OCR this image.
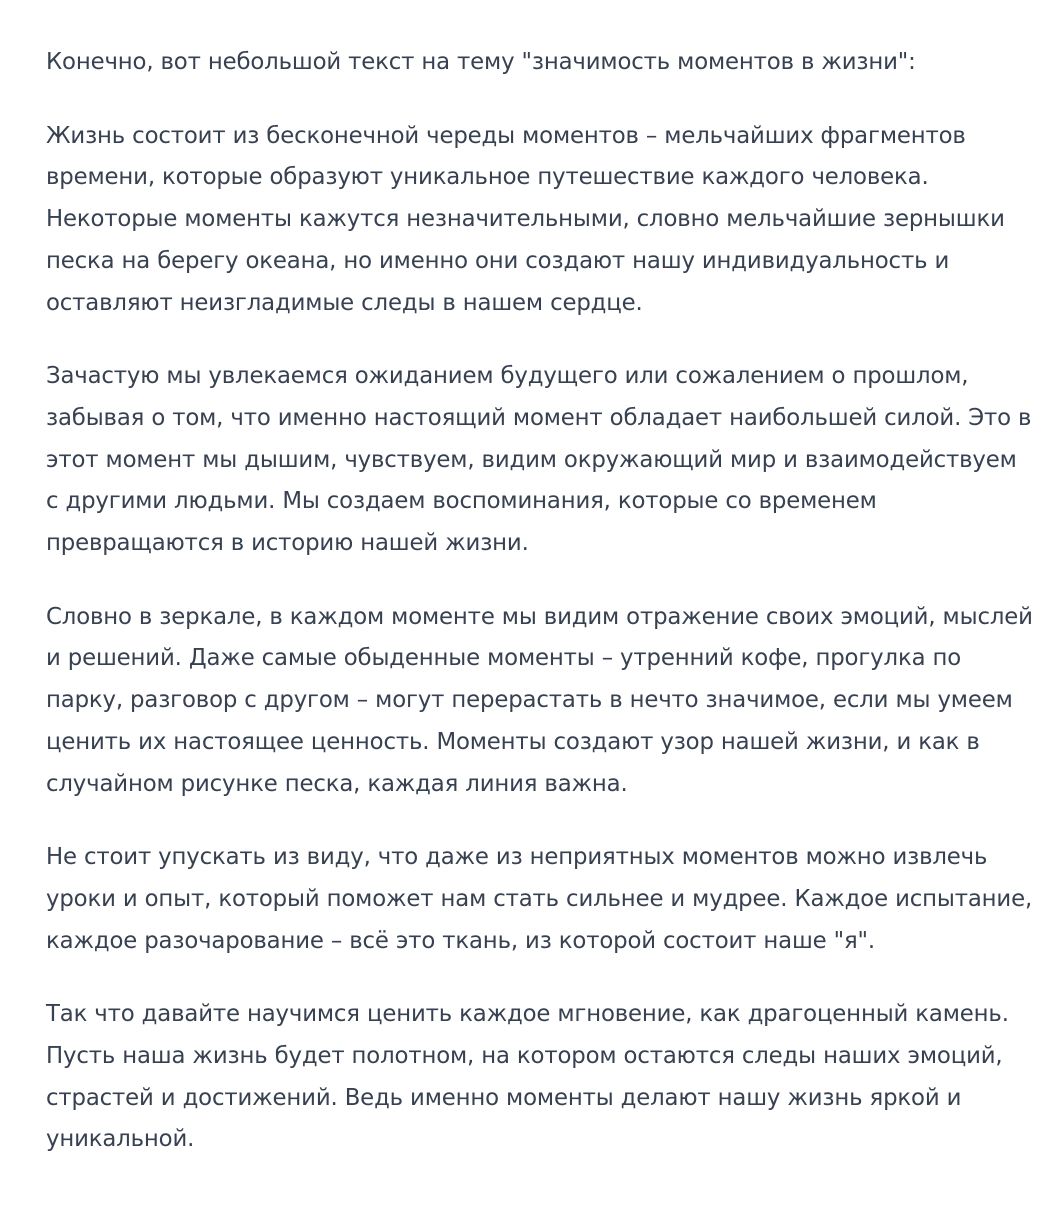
Конечно, вот небольшой текст на тему "значимость моментов в жизни":

Жизнь состоит из бесконечной череды моментов – мельчайших фрагментов времени, которые образуют уникальное путешествие каждого человека. Некоторые моменты кажутся незначительными, словно мельчайшие зернышки песка на берегу океана, но именно они создают нашу индивидуальность и оставляют неизгладимые следы в нашем сердце.

Зачастую мы увлекаемся ожиданием будущего или сожалением о прошлом, забывая о том, что именно настоящий момент обладает наибольшей силой. Это в этот момент мы дышим, чувствуем, видим окружающий мир и взаимодействуем с другими людьми. Мы создаем воспоминания, которые со временем превращаются в историю нашей жизни.

Словно в зеркале, в каждом моменте мы видим отражение своих эмоций, мыслей и решений. Даже самые обыденные моменты – утренний кофе, прогулка по парку, разговор с другом – могут перерастать в нечто значимое, если мы умеем ценить их настоящее ценность. Моменты создают узор нашей жизни, и как в случайном рисунке песка, каждая линия важна.

Не стоит упускать из виду, что даже из неприятных моментов можно извлечь уроки и опыт, который поможет нам стать сильнее и мудрее. Каждое испытание, каждое разочарование – всё это ткань, из которой состоит наше "я".

Так что давайте научимся ценить каждое мгновение, как драгоценный камень. Пусть наша жизнь будет полотном, на котором остаются следы наших эмоций, страстей и достижений. Ведь именно моменты делают нашу жизнь яркой и уникальной.
